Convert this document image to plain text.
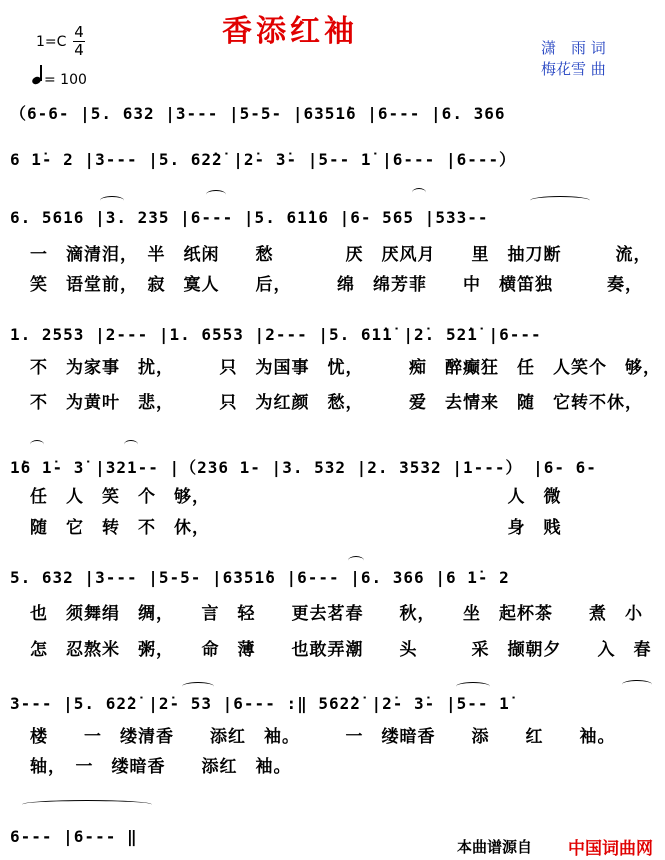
香添红袖
1=C
4
4
= 100
潇　雨 词
梅花雪 曲
（6-6- |5. 632 |3--- |5-5- |6351̇6 |6--- |6. 366
6 1̇- 2 |3--- |5. 62̇2̇ |2̇- 3̇- |5-- 1̇ |6--- |6---）
6. 5616 |3. 235 |6--- |5. 61̇16 |6- 565 |533--
一　滴清泪，　半　纸闲　　愁　　　　厌　厌风月　　里　抽刀断　　　流，
笑　语堂前，　寂　寞人　　后，　　　绵　绵芳菲　　中　横笛独　　　奏，
1. 2553 |2--- |1. 6553 |2--- |5. 61̇1̇ |2̇. 52̇1̇ |6---
不　为家事　扰，　　　只　为国事　忧，　　　痴　醉癫狂　任　人笑个　够，
不　为黄叶　悲，　　　只　为红颜　愁，　　　爱　去情来　随　它转不休，
1̇6 1̇- 3̇ |321-- |（236 1- |3. 532 |2. 3532 |1---） |6- 6-
任　人　笑　个　够，　　　　　　　　　　　　　　　　　人　微
随　它　转　不　休，　　　　　　　　　　　　　　　　　身　贱
5. 632 |3--- |5-5- |6351̇6 |6--- |6. 366 |6 1̇- 2
也　须舞绢　绸，　　言　轻　　更去茗春　　秋，　　坐　起杯茶　　煮　小
怎　忍熬米　粥，　　命　薄　　也敢弄潮　　头　　　采　撷朝夕　　入　春
3--- |5. 62̇2̇ |2̇- 53 |6--- :‖ 562̇2̇ |2̇- 3̇- |5-- 1̇
楼　　一　缕清香　　添红　袖。　　　一　缕暗香　　添　　红　　袖。
轴，　一　缕暗香　　添红　袖。
6--- |6--- ‖
本曲谱源自 中国词曲网
